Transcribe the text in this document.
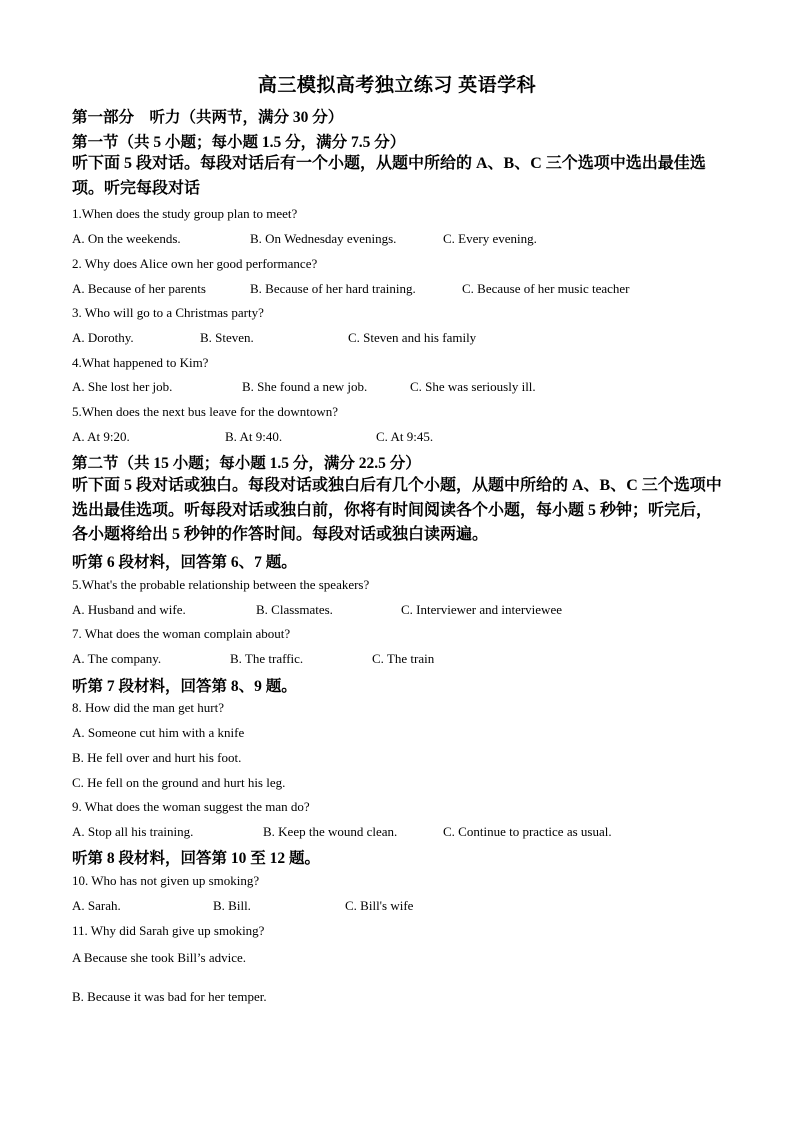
高三模拟高考独立练习 英语学科
第一部分　听力（共两节，满分 30 分）
第一节（共 5 小题；每小题 1.5 分，满分 7.5 分）
听下面 5 段对话。每段对话后有一个小题，从题中所给的 A、B、C 三个选项中选出最佳选项。听完每段对话
1.When does the study group plan to meet?
A. On the weekends.	B. On Wednesday evenings.	C. Every evening.
2. Why does Alice own her good performance?
A. Because of her parents	B. Because of her hard training.	C. Because of her music teacher
3. Who will go to a Christmas party?
A. Dorothy.	B. Steven.	C. Steven and his family
4.What happened to Kim?
A. She lost her job.	B. She found a new job.	C. She was seriously ill.
5.When does the next bus leave for the downtown?
A. At 9:20.	B. At 9:40.	C. At 9:45.
第二节（共 15 小题；每小题 1.5 分，满分 22.5 分）
听下面 5 段对话或独白。每段对话或独白后有几个小题，从题中所给的 A、B、C 三个选项中选出最佳选项。听每段对话或独白前，你将有时间阅读各个小题，每小题 5 秒钟；听完后，各小题将给出 5 秒钟的作答时间。每段对话或独白读两遍。
听第 6 段材料，回答第 6、7 题。
5.What's the probable relationship between the speakers?
A. Husband and wife.	B. Classmates.	C. Interviewer and interviewee
7. What does the woman complain about?
A. The company.	B. The traffic.	C. The train
听第 7 段材料，回答第 8、9 题。
8. How did the man get hurt?
A. Someone cut him with a knife
B. He fell over and hurt his foot.
C. He fell on the ground and hurt his leg.
9. What does the woman suggest the man do?
A. Stop all his training.	B. Keep the wound clean.	C. Continue to practice as usual.
听第 8 段材料，回答第 10 至 12 题。
10. Who has not given up smoking?
A. Sarah.	B. Bill.	C. Bill's wife
11. Why did Sarah give up smoking?
A Because she took Bill’s advice.
B. Because it was bad for her temper.
